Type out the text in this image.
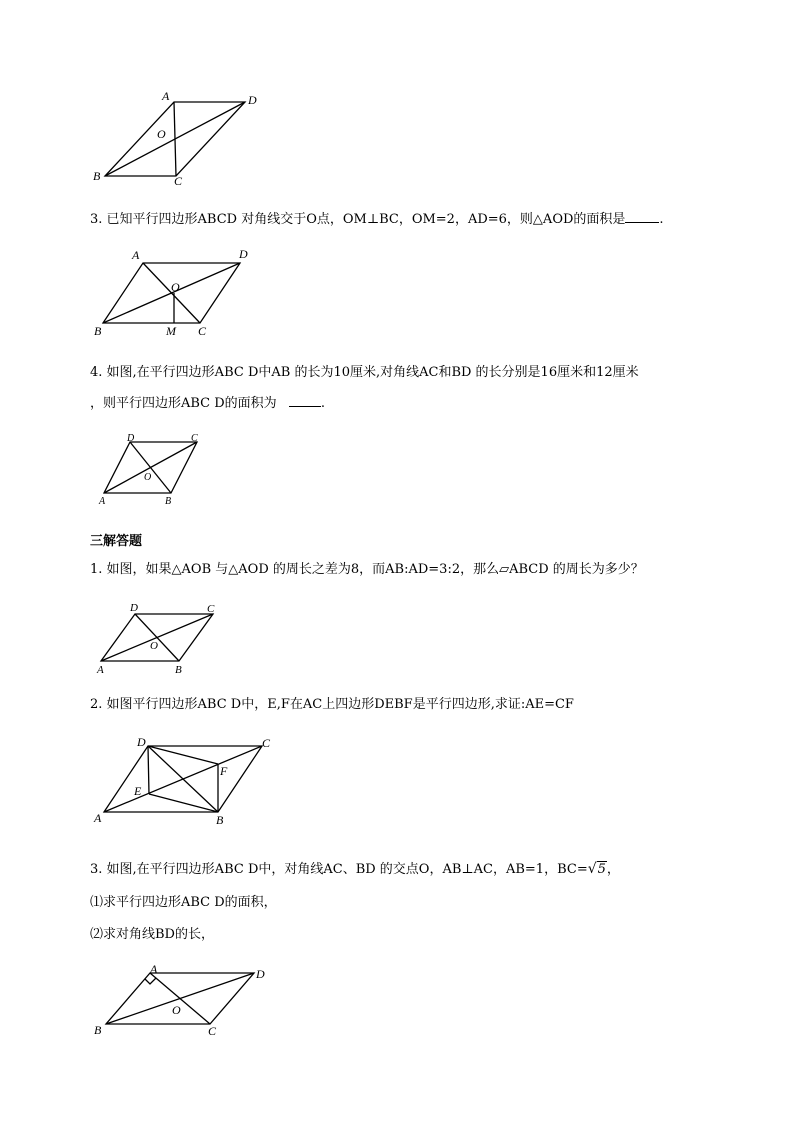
A	D
O
B	C
3. 已知平行四边形ABCD 对角线交于O点，OM⊥BC，OM=2，AD=6，则△AOD的面积是	.
A	D
O
B	M C
4. 如图,在平行四边形ABC D中AB 的长为10厘米,对角线AC和BD 的长分别是16厘米和12厘米
，则平行四边形ABC D的面积为	.
D	C
O
A	B
三解答题
1. 如图，如果△AOB 与△AOD 的周长之差为8，而AB:AD=3:2，那么▱ABCD 的周长为多少？
D	C
O
A	B
2. 如图平行四边形ABC D中，E,F在AC上四边形DEBF是平行四边形,求证:AE=CF
D	C
F
E
A	B
3. 如图,在平行四边形ABC D中，对角线AC、BD 的交点O，AB⊥AC，AB=1，BC=√5，
⑴求平行四边形ABC D的面积，
⑵求对角线BD的长，
A	D
O
B	C
